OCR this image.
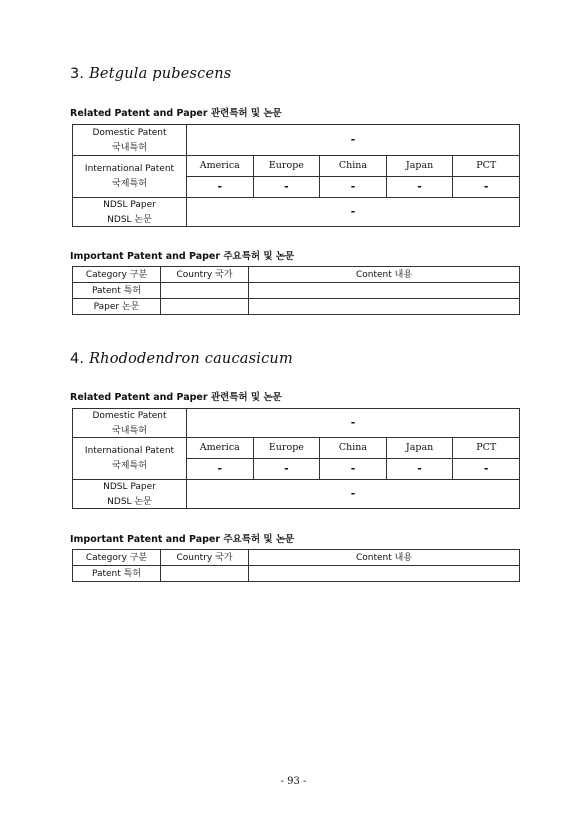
3. Betgula pubescens

Related Patent and Paper 관련특허 및 논문

Domestic Patent
국내특허	-				

International Patent
국제특허	America	Europe	China	Japan	PCT
	-	-	-	-	-

NDSL Paper
NDSL 논문	-				

Important Patent and Paper 주요특허 및 논문

Category 구분	Country 국가	Content 내용
Patent 특허		
Paper 논문		
4. Rhododendron caucasicum

Related Patent and Paper 관련특허 및 논문

Domestic Patent
국내특허	-				

International Patent
국제특허	America	Europe	China	Japan	PCT
	-	-	-	-	-

NDSL Paper
NDSL 논문	-				

Important Patent and Paper 주요특허 및 논문

Category 구분	Country 국가	Content 내용
Patent 특허		
- 93 -
